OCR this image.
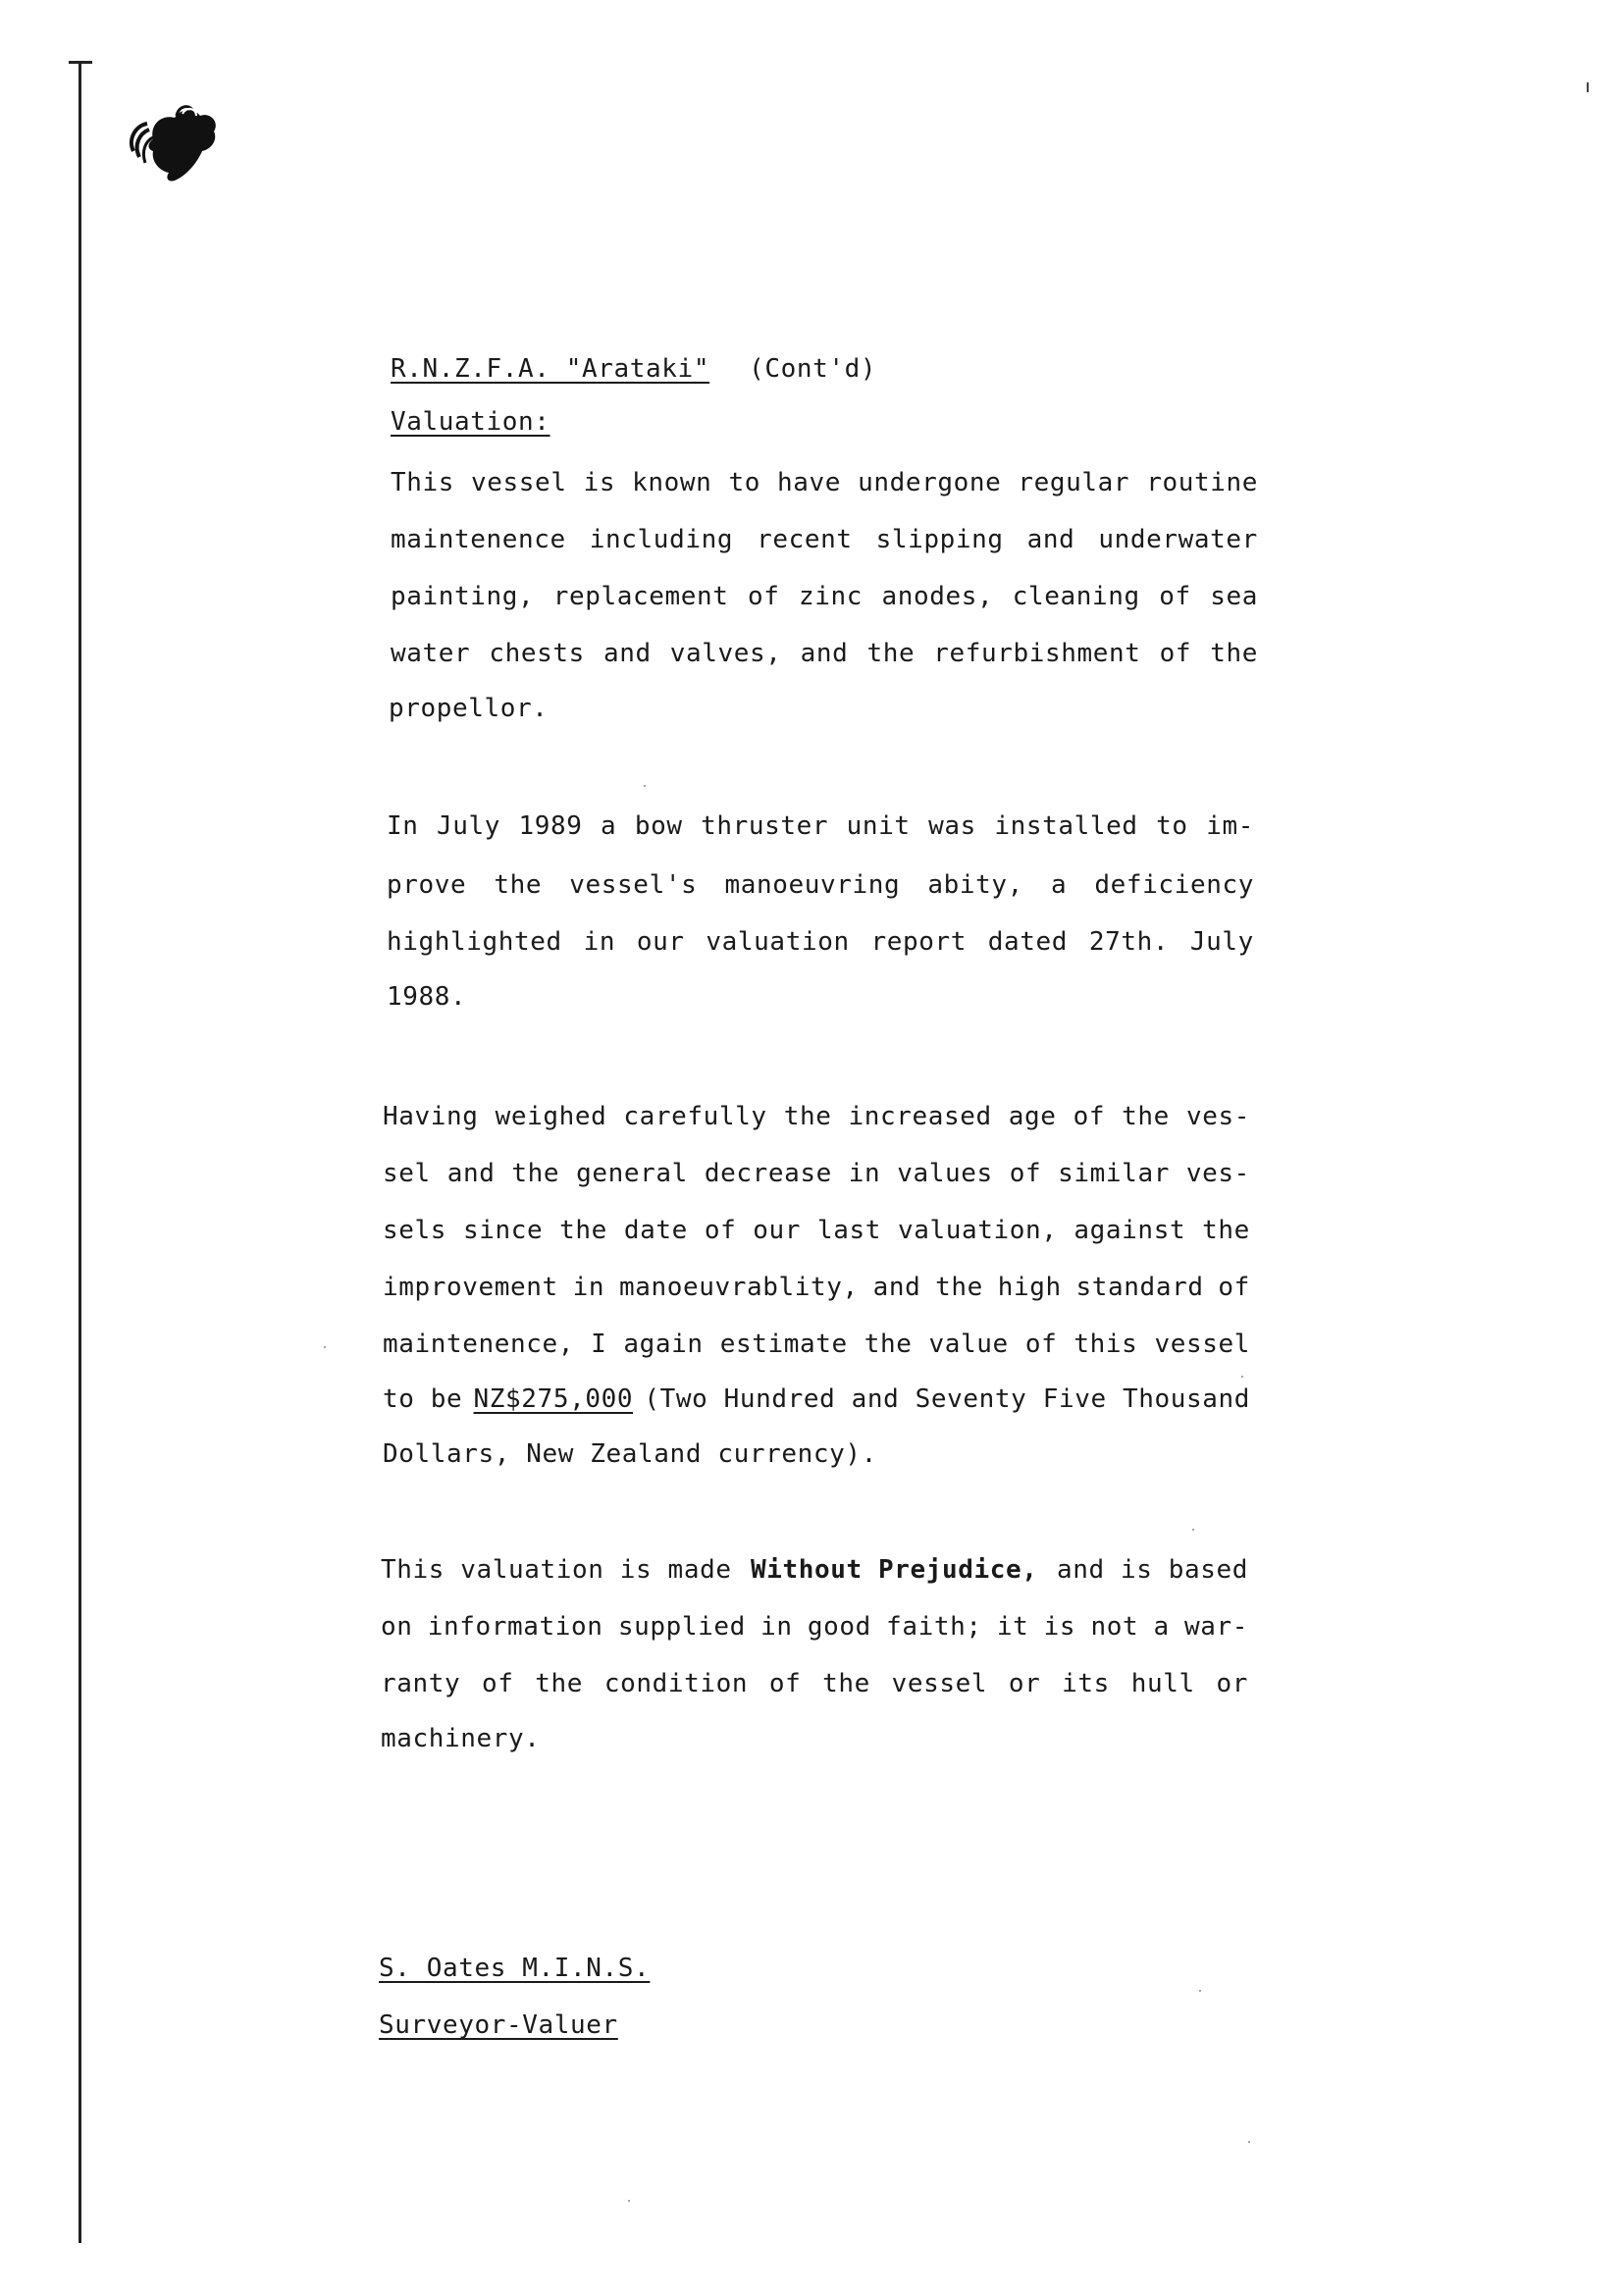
R.N.Z.F.A. "Arataki" (Cont'd)
Valuation:
This vessel is known to have undergone regular routine
maintenence including recent slipping and underwater
painting, replacement of zinc anodes, cleaning of sea
water chests and valves, and the refurbishment of the
propellor.
In July 1989 a bow thruster unit was installed to im-
prove the vessel's manoeuvring abity, a deficiency
highlighted in our valuation report dated 27th. July
1988.
Having weighed carefully the increased age of the ves-
sel and the general decrease in values of similar ves-
sels since the date of our last valuation, against the
improvement in manoeuvrablity, and the high standard of
maintenence, I again estimate the value of this vessel
to be NZ$275,000 (Two Hundred and Seventy Five Thousand
Dollars, New Zealand currency).
This valuation is made Without Prejudice, and is based
on information supplied in good faith; it is not a war-
ranty of the condition of the vessel or its hull or
machinery.
S. Oates M.I.N.S.
Surveyor-Valuer
